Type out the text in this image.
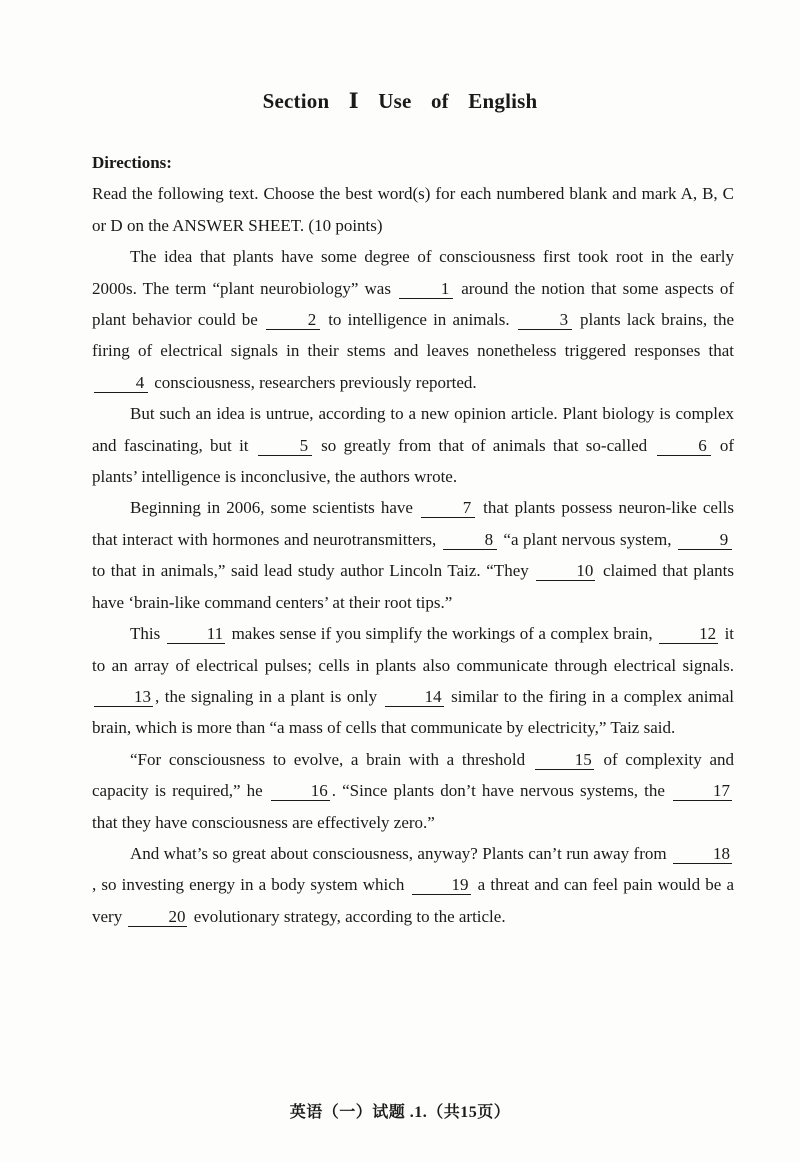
Section Ⅰ Use of English

Directions:

Read the following text. Choose the best word(s) for each numbered blank and mark A, B, C or D on the ANSWER SHEET. (10 points)

The idea that plants have some degree of consciousness first took root in the early 2000s. The term “plant neurobiology” was	1 around the notion that some aspects of plant behavior could be	2 to intelligence in animals.	3 plants lack brains, the firing of electrical signals in their stems and leaves nonetheless triggered responses that 4 consciousness, researchers previously reported.

But such an idea is untrue, according to a new opinion article. Plant biology is complex and fascinating, but it	5 so greatly from that of animals that so-called	6 of plants’ intelligence is inconclusive, the authors wrote.

Beginning in 2006, some scientists have	7 that plants possess neuron-like cells that interact with hormones and neurotransmitters,	8 “a plant nervous system,	9 to that in animals,” said lead study author Lincoln Taiz. “They	10 claimed that plants have ‘brain-like command centers’ at their root tips.”

This	11 makes sense if you simplify the workings of a complex brain,	12 it to an array of electrical pulses; cells in plants also communicate through electrical signals. 13 , the signaling in a plant is only	14 similar to the firing in a complex animal brain, which is more than “a mass of cells that communicate by electricity,” Taiz said.

“For consciousness to evolve, a brain with a threshold	15 of complexity and capacity is required,” he	16 . “Since plants don’t have nervous systems, the	17 that they have consciousness are effectively zero.”

And what’s so great about consciousness, anyway? Plants can’t run away from	18, so investing energy in a body system which	19 a threat and can feel pain would be a very	20 evolutionary strategy, according to the article.

英语（一）试题 .1.（共15页）
